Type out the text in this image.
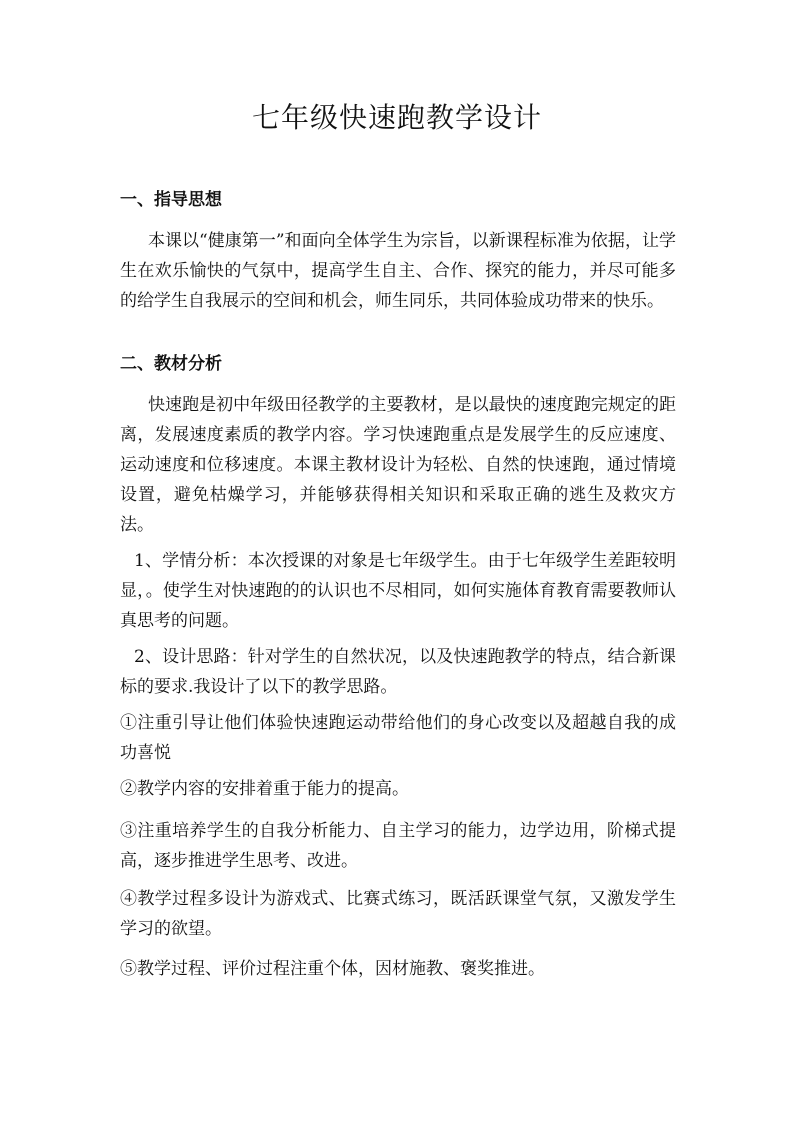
七年级快速跑教学设计
一、指导思想

本课以“健康第一”和面向全体学生为宗旨，以新课程标准为依据，让学生在欢乐愉快的气氛中，提高学生自主、合作、探究的能力，并尽可能多的给学生自我展示的空间和机会，师生同乐，共同体验成功带来的快乐。

二、教材分析

快速跑是初中年级田径教学的主要教材，是以最快的速度跑完规定的距离，发展速度素质的教学内容。学习快速跑重点是发展学生的反应速度、运动速度和位移速度。本课主教材设计为轻松、自然的快速跑，通过情境设置，避免枯燥学习，并能够获得相关知识和采取正确的逃生及救灾方法。

1、学情分析：本次授课的对象是七年级学生。由于七年级学生差距较明显，。使学生对快速跑的的认识也不尽相同，如何实施体育教育需要教师认真思考的问题。

2、设计思路：针对学生的自然状况，以及快速跑教学的特点，结合新课标的要求.我设计了以下的教学思路。

①注重引导让他们体验快速跑运动带给他们的身心改变以及超越自我的成功喜悦

②教学内容的安排着重于能力的提高。

③注重培养学生的自我分析能力、自主学习的能力，边学边用，阶梯式提高，逐步推进学生思考、改进。

④教学过程多设计为游戏式、比赛式练习，既活跃课堂气氛，又激发学生学习的欲望。

⑤教学过程、评价过程注重个体，因材施教、褒奖推进。
